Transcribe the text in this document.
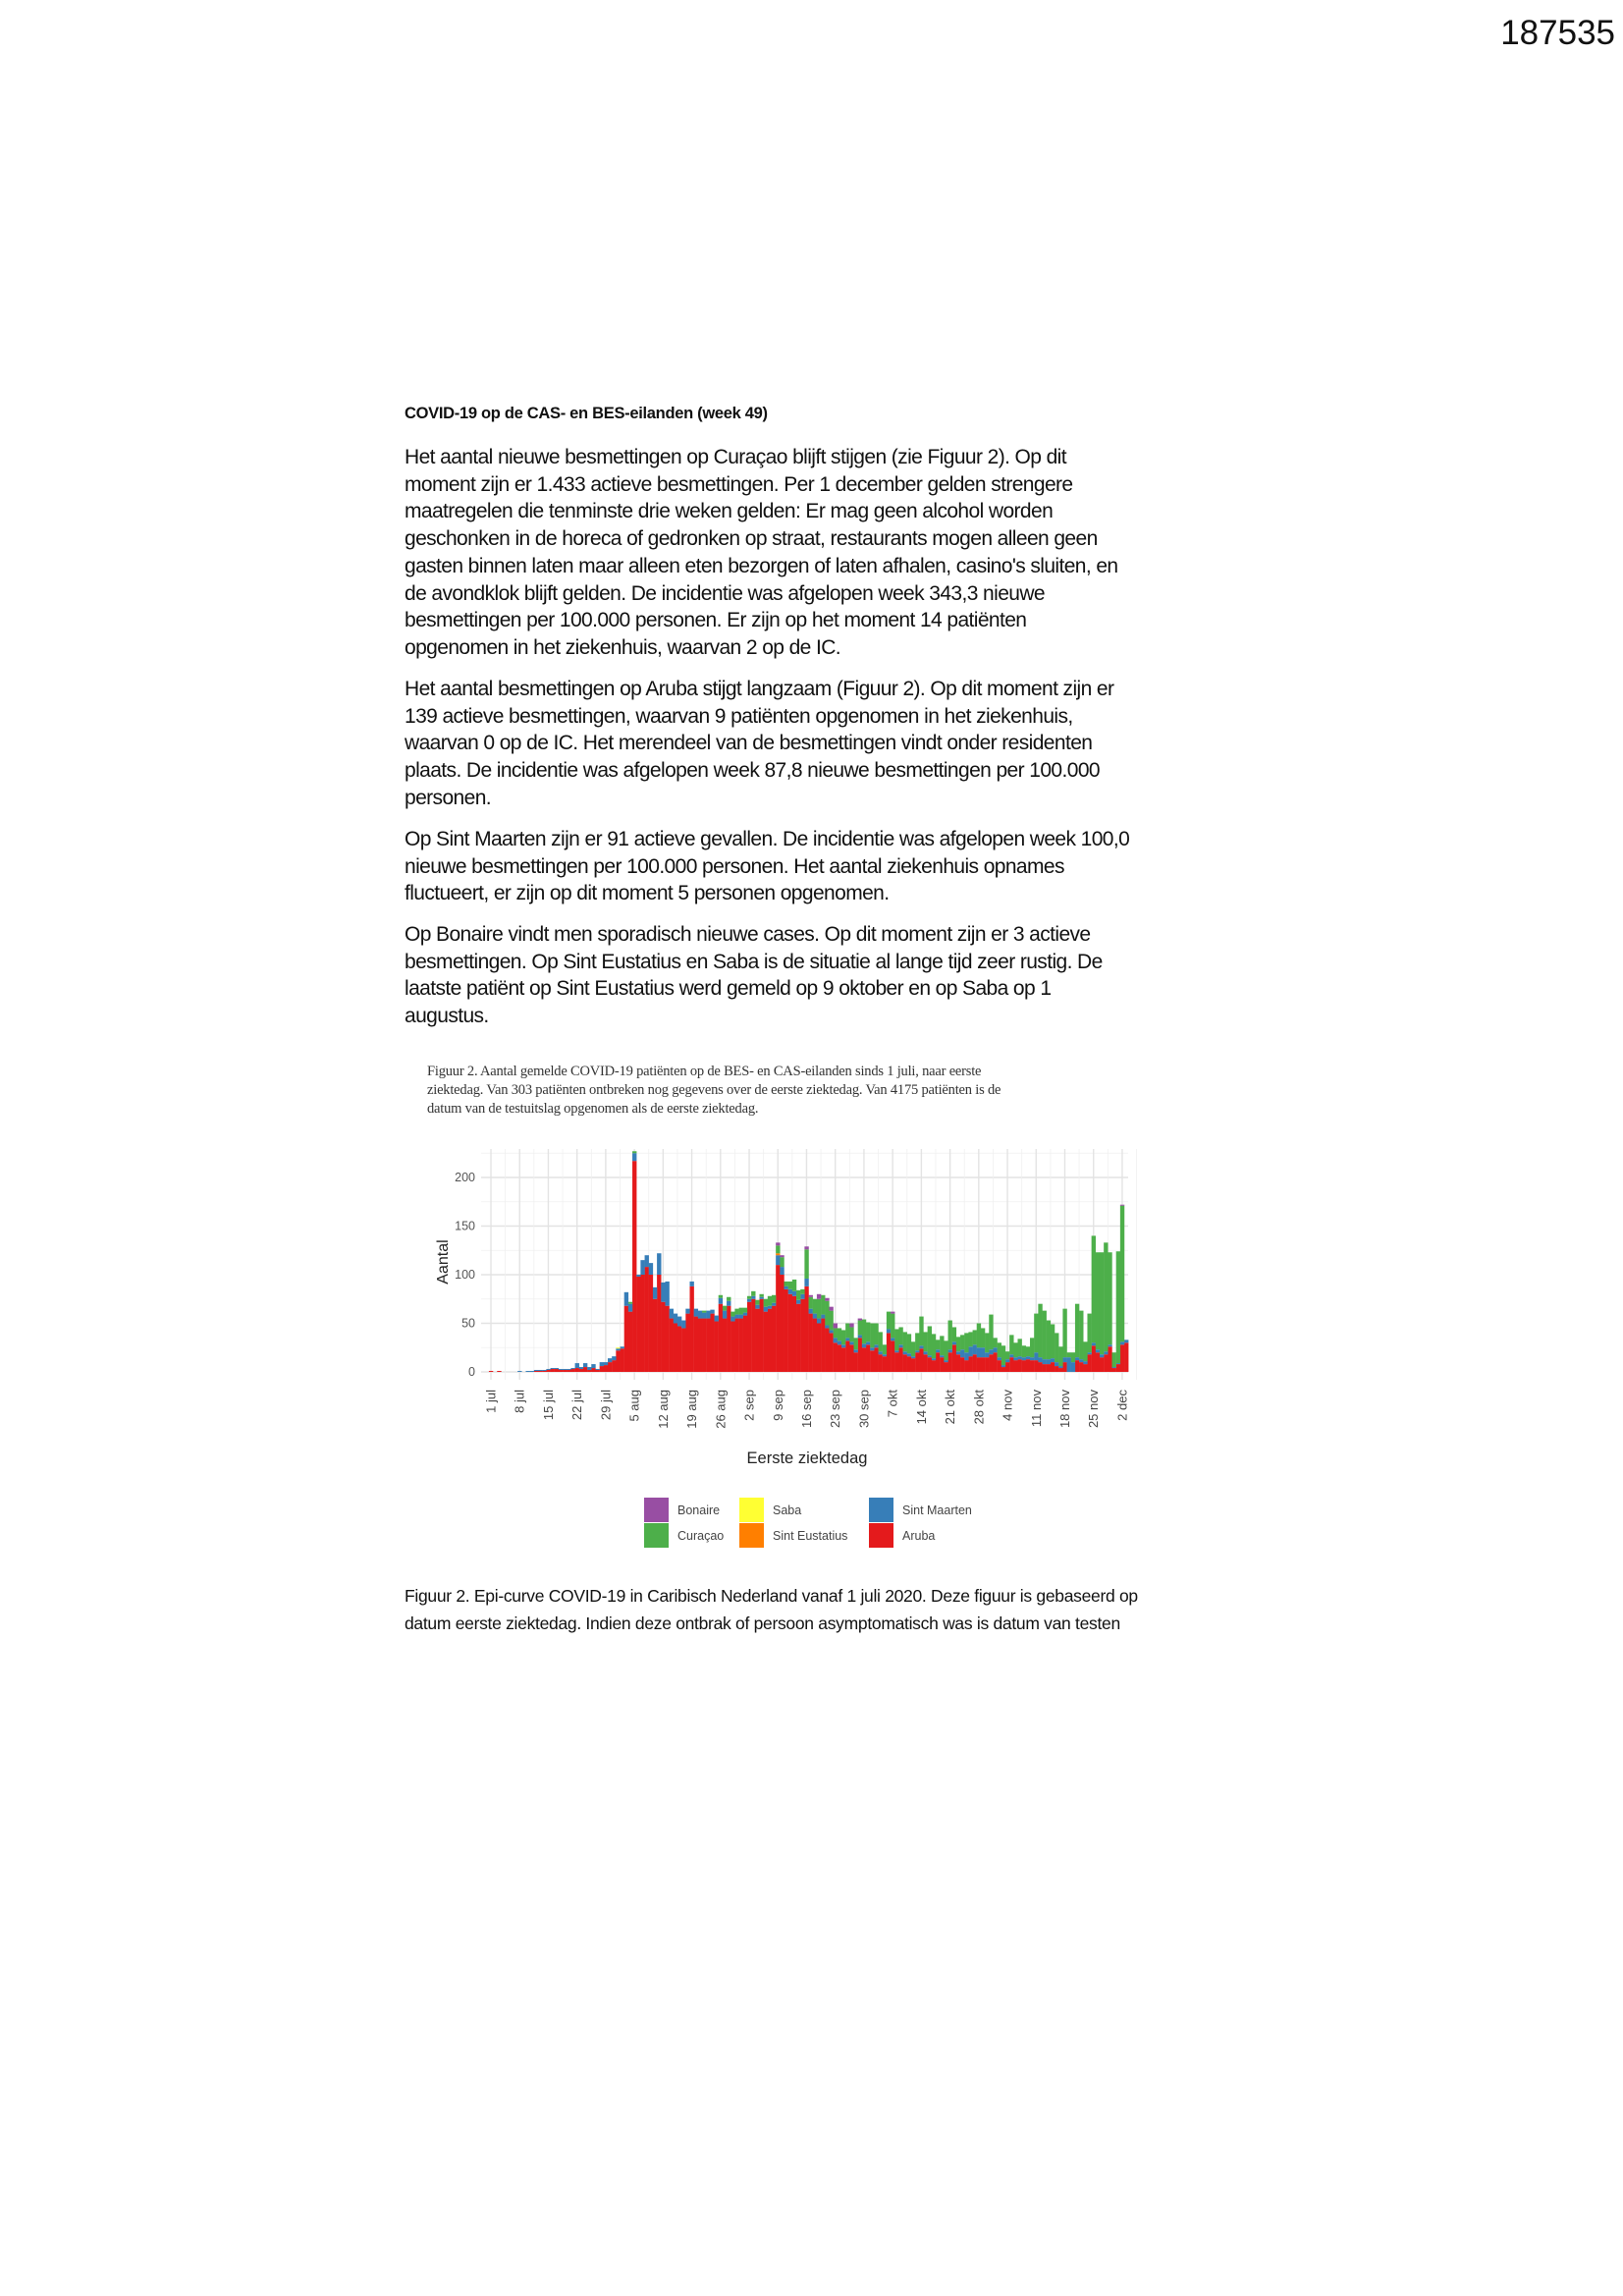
187535
COVID-19 op de CAS- en BES-eilanden (week 49)
Het aantal nieuwe besmettingen op Curaçao blijft stijgen (zie Figuur 2). Op dit
moment zijn er 1.433 actieve besmettingen. Per 1 december gelden strengere
maatregelen die tenminste drie weken gelden: Er mag geen alcohol worden
geschonken in de horeca of gedronken op straat, restaurants mogen alleen geen
gasten binnen laten maar alleen eten bezorgen of laten afhalen, casino's sluiten, en
de avondklok blijft gelden. De incidentie was afgelopen week 343,3 nieuwe
besmettingen per 100.000 personen. Er zijn op het moment 14 patiënten
opgenomen in het ziekenhuis, waarvan 2 op de IC.
Het aantal besmettingen op Aruba stijgt langzaam (Figuur 2). Op dit moment zijn er
139 actieve besmettingen, waarvan 9 patiënten opgenomen in het ziekenhuis,
waarvan 0 op de IC. Het merendeel van de besmettingen vindt onder residenten
plaats. De incidentie was afgelopen week 87,8 nieuwe besmettingen per 100.000
personen.
Op Sint Maarten zijn er 91 actieve gevallen. De incidentie was afgelopen week 100,0
nieuwe besmettingen per 100.000 personen. Het aantal ziekenhuis opnames
fluctueert, er zijn op dit moment 5 personen opgenomen.
Op Bonaire vindt men sporadisch nieuwe cases. Op dit moment zijn er 3 actieve
besmettingen. Op Sint Eustatius en Saba is de situatie al lange tijd zeer rustig. De
laatste patiënt op Sint Eustatius werd gemeld op 9 oktober en op Saba op 1
augustus.
Figuur 2. Aantal gemelde COVID-19 patiënten op de BES- en CAS-eilanden sinds 1 juli, naar eerste
ziektedag. Van 303 patiënten ontbreken nog gegevens over de eerste ziektedag. Van 4175 patiënten is de
datum van de testuitslag opgenomen als de eerste ziektedag.
0
50
100
150
200
1 jul 8 jul 15 jul 22 jul 29 jul 5 aug 12 aug 19 aug 26 aug 2 sep 9 sep 16 sep 23 sep 30 sep 7 okt 14 okt 21 okt 28 okt 4 nov 11 nov 18 nov 25 nov 2 dec
Aantal
Eerste ziektedag
Bonaire	Saba	Sint Maarten
Curaçao	Sint Eustatius	Aruba
Figuur 2. Epi-curve COVID-19 in Caribisch Nederland vanaf 1 juli 2020. Deze figuur is gebaseerd op
datum eerste ziektedag. Indien deze ontbrak of persoon asymptomatisch was is datum van testen
